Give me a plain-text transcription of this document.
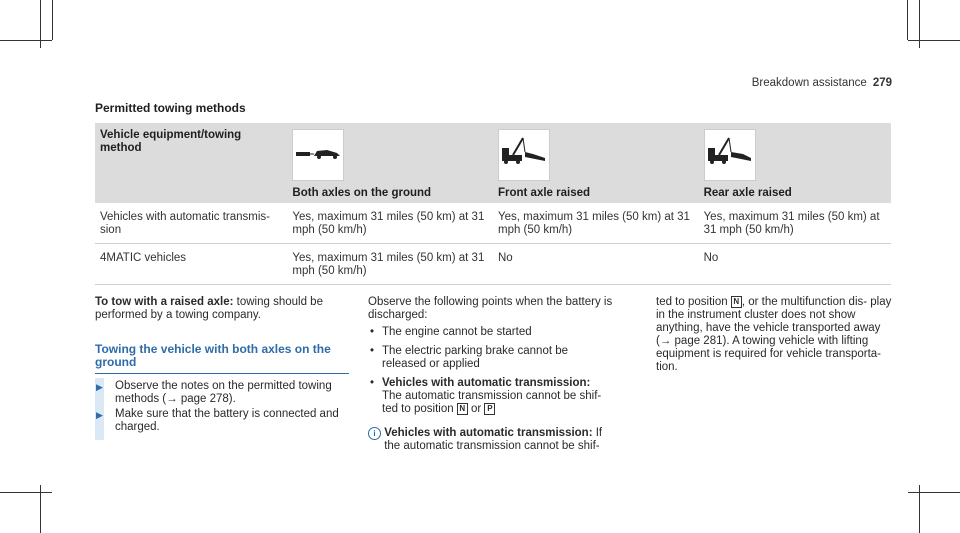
Breakdown assistance 279
Permitted towing methods
Vehicle equipment/towing method	Both axles on the ground	Front axle raised	Rear axle raised

Vehicles with automatic transmis- sion	Yes, maximum 31 miles (50 km) at 31 mph (50 km/h)	Yes, maximum 31 miles (50 km) at 31 mph (50 km/h)	Yes, maximum 31 miles (50 km) at 31 mph (50 km/h)
4MATIC vehicles	Yes, maximum 31 miles (50 km) at 31 mph (50 km/h)	No	No
To tow with a raised axle: towing should be performed by a towing company.
Towing the vehicle with both axles on the ground
▶ Observe the notes on the permitted towing methods (→ page 278).
▶ Make sure that the battery is connected and charged.
Observe the following points when the battery is discharged:
• The engine cannot be started
• The electric parking brake cannot be released or applied
• Vehicles with automatic transmission:
The automatic transmission cannot be shif- ted to position N or P
i Vehicles with automatic transmission: If the automatic transmission cannot be shif-
ted to position N , or the multifunction dis- play in the instrument cluster does not show anything, have the vehicle transported away (→ page 281). A towing vehicle with lifting equipment is required for vehicle transporta- tion.
